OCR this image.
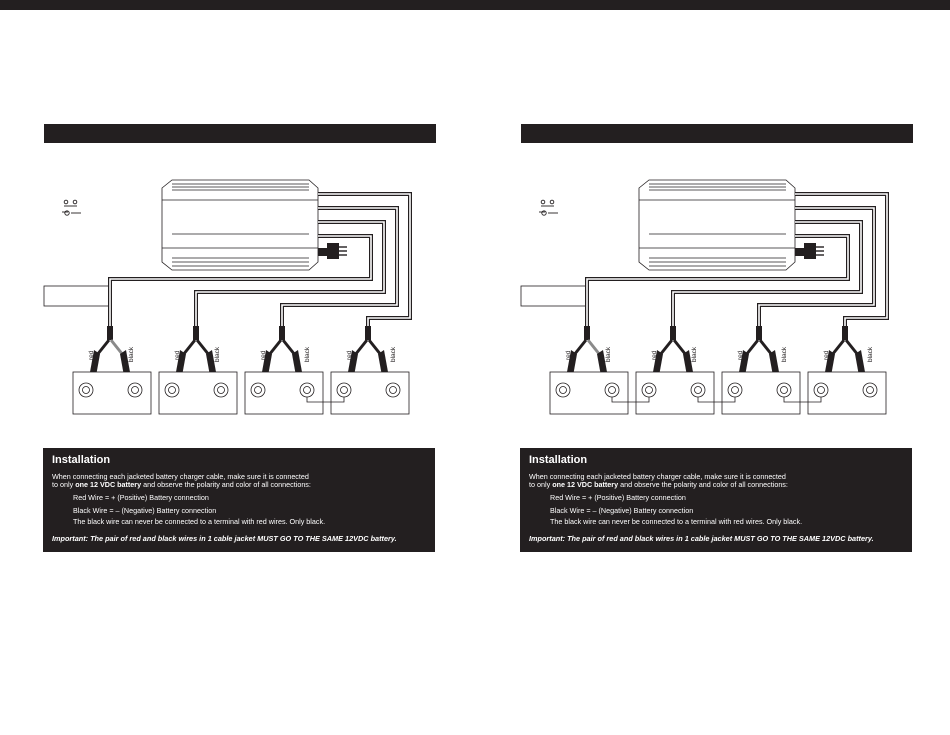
red	black	red	black	red	black	red	black
Installation
When connecting each jacketed battery charger cable, make sure it is connected
to only one 12 VDC battery and observe the polarity and color of all connections:
Red Wire = + (Positive) Battery connection
Black Wire = – (Negative) Battery connection
The black wire can never be connected to a terminal with red wires. Only black.
Important: The pair of red and black wires in 1 cable jacket MUST GO TO THE SAME 12VDC battery.
red	black	red	black	red	black	red	black
Installation
When connecting each jacketed battery charger cable, make sure it is connected
to only one 12 VDC battery and observe the polarity and color of all connections:
Red Wire = + (Positive) Battery connection
Black Wire = – (Negative) Battery connection
The black wire can never be connected to a terminal with red wires. Only black.
Important: The pair of red and black wires in 1 cable jacket MUST GO TO THE SAME 12VDC battery.
